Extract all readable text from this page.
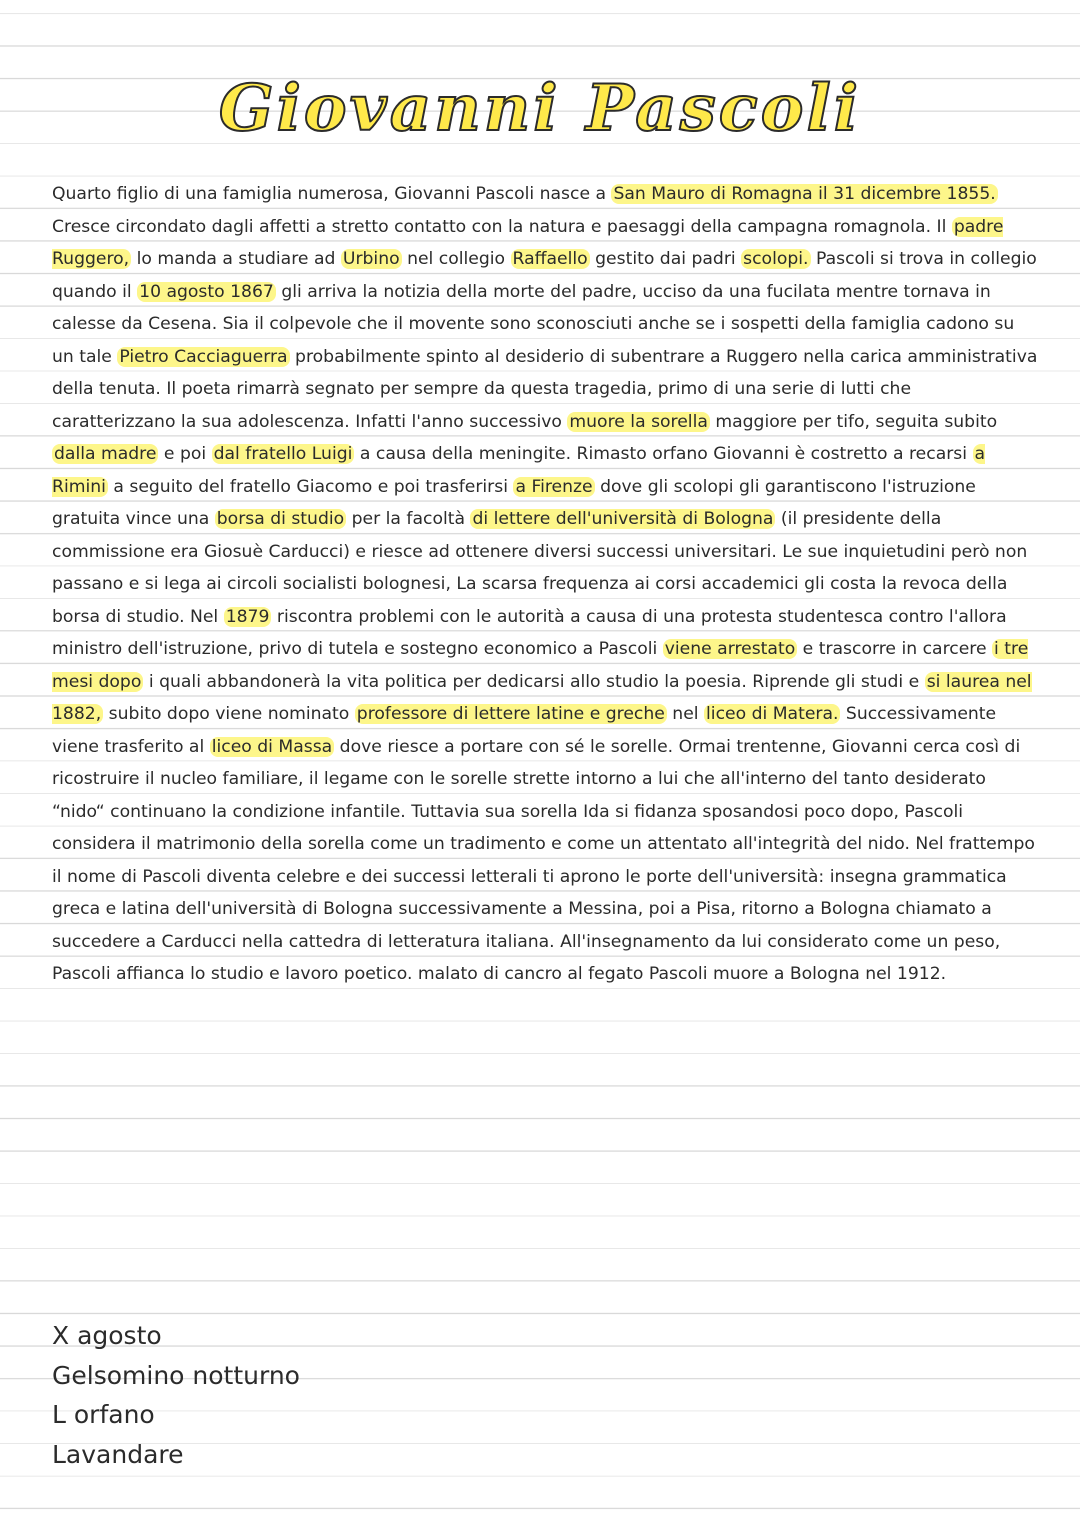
Giovanni Pascoli

Quarto figlio di una famiglia numerosa, Giovanni Pascoli nasce a San Mauro di Romagna il 31 dicembre 1855. Cresce circondato dagli affetti a stretto contatto con la natura e paesaggi della campagna romagnola. Il padre Ruggero, lo manda a studiare ad Urbino nel collegio Raffaello gestito dai padri scolopi. Pascoli si trova in collegio quando il 10 agosto 1867 gli arriva la notizia della morte del padre, ucciso da una fucilata mentre tornava in calesse da Cesena. Sia il colpevole che il movente sono sconosciuti anche se i sospetti della famiglia cadono su un tale Pietro Cacciaguerra probabilmente spinto al desiderio di subentrare a Ruggero nella carica amministrativa della tenuta. Il poeta rimarrà segnato per sempre da questa tragedia, primo di una serie di lutti che caratterizzano la sua adolescenza. Infatti l'anno successivo muore la sorella maggiore per tifo, seguita subito dalla madre e poi dal fratello Luigi a causa della meningite. Rimasto orfano Giovanni è costretto a recarsi a Rimini a seguito del fratello Giacomo e poi trasferirsi a Firenze dove gli scolopi gli garantiscono l'istruzione gratuita vince una borsa di studio per la facoltà di lettere dell'università di Bologna (il presidente della commissione era Giosuè Carducci) e riesce ad ottenere diversi successi universitari. Le sue inquietudini però non passano e si lega ai circoli socialisti bolognesi, La scarsa frequenza ai corsi accademici gli costa la revoca della borsa di studio. Nel 1879 riscontra problemi con le autorità a causa di una protesta studentesca contro l'allora ministro dell'istruzione, privo di tutela e sostegno economico a Pascoli viene arrestato e trascorre in carcere i tre mesi dopo i quali abbandonerà la vita politica per dedicarsi allo studio la poesia. Riprende gli studi e si laurea nel 1882, subito dopo viene nominato professore di lettere latine e greche nel liceo di Matera. Successivamente viene trasferito al liceo di Massa dove riesce a portare con sé le sorelle. Ormai trentenne, Giovanni cerca così di ricostruire il nucleo familiare, il legame con le sorelle strette intorno a lui che all'interno del tanto desiderato “nido“ continuano la condizione infantile. Tuttavia sua sorella Ida si fidanza sposandosi poco dopo, Pascoli considera il matrimonio della sorella come un tradimento e come un attentato all'integrità del nido. Nel frattempo il nome di Pascoli diventa celebre e dei successi letterali ti aprono le porte dell'università: insegna grammatica greca e latina dell'università di Bologna successivamente a Messina, poi a Pisa, ritorno a Bologna chiamato a succedere a Carducci nella cattedra di letteratura italiana. All'insegnamento da lui considerato come un peso, Pascoli affianca lo studio e lavoro poetico. malato di cancro al fegato Pascoli muore a Bologna nel 1912.

X agosto
Gelsomino notturno
L orfano
Lavandare
